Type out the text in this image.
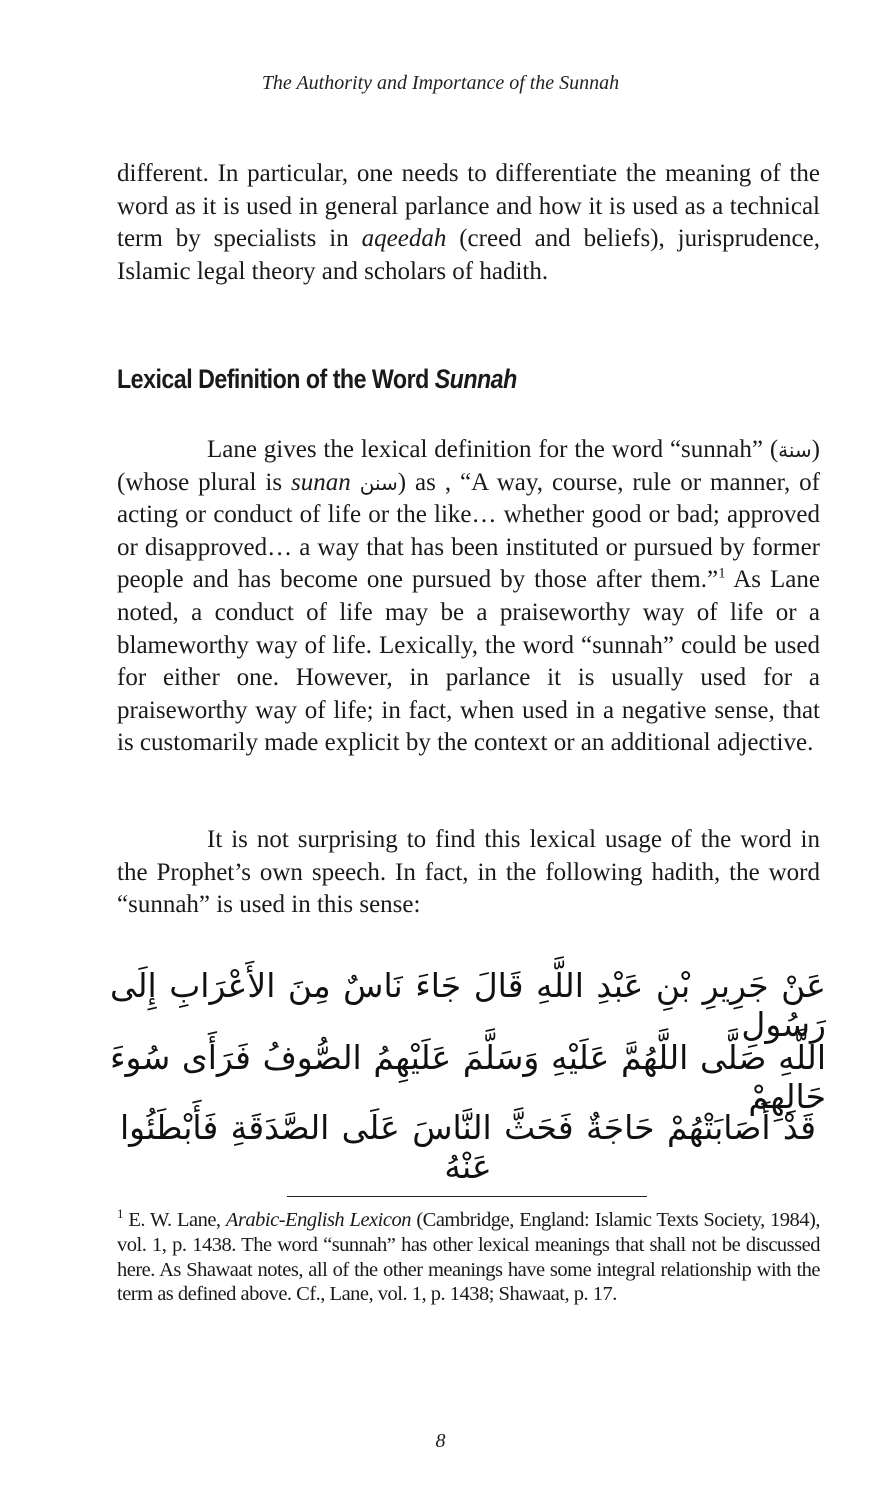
The Authority and Importance of the Sunnah
different. In particular, one needs to differentiate the meaning of the word as it is used in general parlance and how it is used as a technical term by specialists in aqeedah (creed and beliefs), jurisprudence, Islamic legal theory and scholars of hadith.
Lexical Definition of the Word Sunnah
Lane gives the lexical definition for the word “sunnah” (سنة) (whose plural is sunan سنن) as , “A way, course, rule or manner, of acting or conduct of life or the like… whether good or bad; approved or disapproved… a way that has been instituted or pursued by former people and has become one pursued by those after them.”$^1$ As Lane noted, a conduct of life may be a praiseworthy way of life or a blameworthy way of life. Lexically, the word “sunnah” could be used for either one. However, in parlance it is usually used for a praiseworthy way of life; in fact, when used in a negative sense, that is customarily made explicit by the context or an additional adjective.
It is not surprising to find this lexical usage of the word in the Prophet’s own speech. In fact, in the following hadith, the word “sunnah” is used in this sense:
عَنْ جَرِيرِ بْنِ عَبْدِ اللَّهِ قَالَ جَاءَ نَاسٌ مِنَ الأَعْرَابِ إِلَى رَسُولِ
اللَّهِ صَلَّى اللَّهُمَّ عَلَيْهِ وَسَلَّمَ عَلَيْهِمُ الصُّوفُ فَرَأَى سُوءَ حَالِهِمْ
قَدْ أَصَابَتْهُمْ حَاجَةٌ فَحَثَّ النَّاسَ عَلَى الصَّدَقَةِ فَأَبْطَئُوا عَنْهُ
$^1$ E. W. Lane, Arabic-English Lexicon (Cambridge, England: Islamic Texts Society, 1984), vol. 1, p. 1438. The word “sunnah” has other lexical meanings that shall not be discussed here. As Shawaat notes, all of the other meanings have some integral relationship with the term as defined above. Cf., Lane, vol. 1, p. 1438; Shawaat, p. 17.
8
